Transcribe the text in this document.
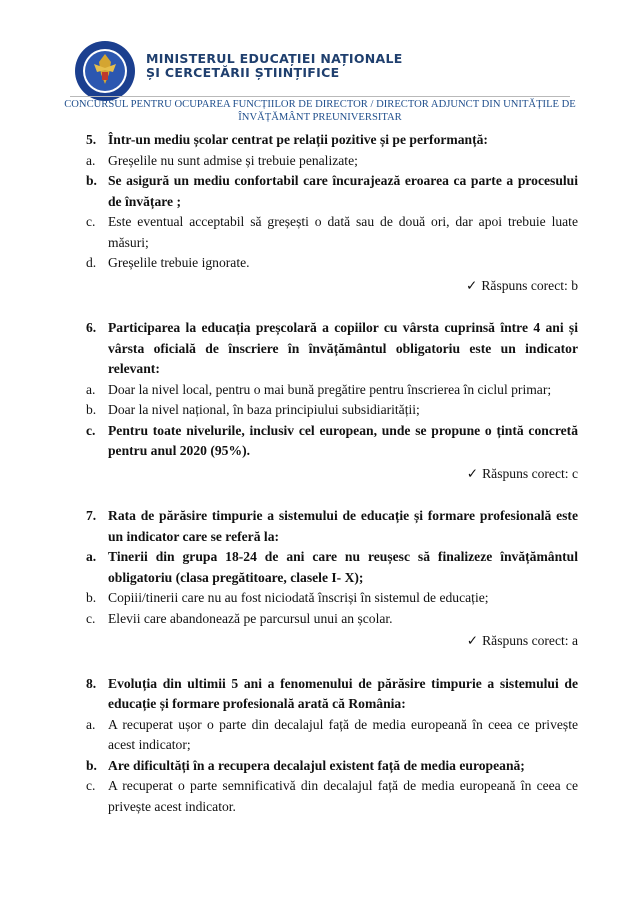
MINISTERUL EDUCAȚIEI NAȚIONALE
ȘI CERCETĂRII ȘTIINȚIFICE
CONCURSUL PENTRU OCUPAREA FUNCȚIILOR DE DIRECTOR / DIRECTOR ADJUNCT DIN UNITĂȚILE DE
ÎNVĂȚĂMÂNT PREUNIVERSITAR
5. Într-un mediu școlar centrat pe relații pozitive și pe performanță:
a. Greșelile nu sunt admise și trebuie penalizate;
b. Se asigură un mediu confortabil care încurajează eroarea ca parte a procesului de învățare ;
c. Este eventual acceptabil să greșești o dată sau de două ori, dar apoi trebuie luate măsuri;
d. Greșelile trebuie ignorate.
✓ Răspuns corect: b
6. Participarea la educația preșcolară a copiilor cu vârsta cuprinsă între 4 ani și vârsta oficială de înscriere în învățământul obligatoriu este un indicator relevant:
a. Doar la nivel local, pentru o mai bună pregătire pentru înscrierea în ciclul primar;
b. Doar la nivel național, în baza principiului subsidiarității;
c. Pentru toate nivelurile, inclusiv cel european, unde se propune o țintă concretă pentru anul 2020 (95%).
✓ Răspuns corect: c
7. Rata de părăsire timpurie a sistemului de educație și formare profesională este un indicator care se referă la:
a. Tinerii din grupa 18-24 de ani care nu reușesc să finalizeze învățământul obligatoriu (clasa pregătitoare, clasele I- X);
b. Copiii/tinerii care nu au fost niciodată înscriși în sistemul de educație;
c. Elevii care abandonează pe parcursul unui an școlar.
✓ Răspuns corect: a
8. Evoluția din ultimii 5 ani a fenomenului de părăsire timpurie a sistemului de educație și formare profesională arată că România:
a. A recuperat ușor o parte din decalajul față de media europeană în ceea ce privește acest indicator;
b. Are dificultăți în a recupera decalajul existent față de media europeană;
c. A recuperat o parte semnificativă din decalajul față de media europeană în ceea ce privește acest indicator.
